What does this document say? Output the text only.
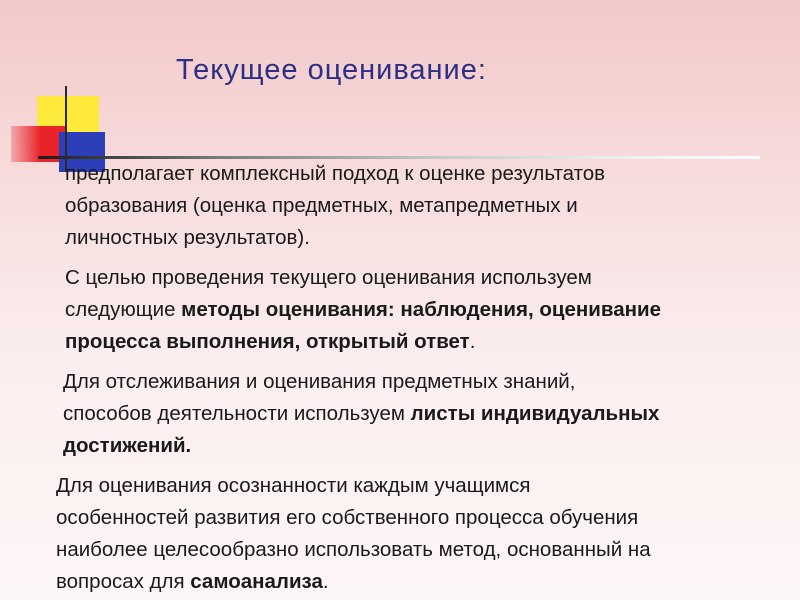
Текущее оценивание:
предполагает комплексный подход к оценке результатов
образования (оценка предметных, метапредметных и
личностных результатов).
С целью проведения текущего оценивания используем
следующие методы оценивания: наблюдения, оценивание
процесса выполнения, открытый ответ.
Для отслеживания и оценивания предметных знаний,
способов деятельности используем листы индивидуальных
достижений.
Для оценивания осознанности каждым учащимся
особенностей развития его собственного процесса обучения
наиболее целесообразно использовать метод, основанный на
вопросах для самоанализа.
